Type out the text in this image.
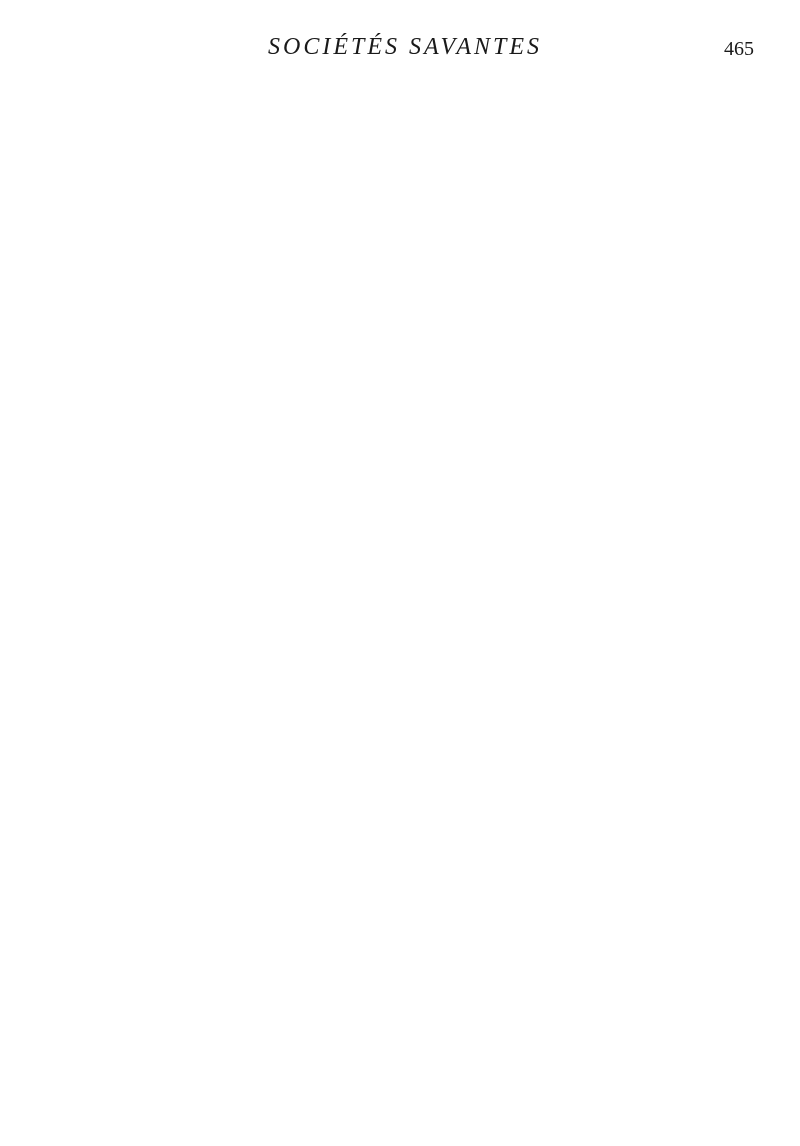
SOCIÉTÉS SAVANTES	465
